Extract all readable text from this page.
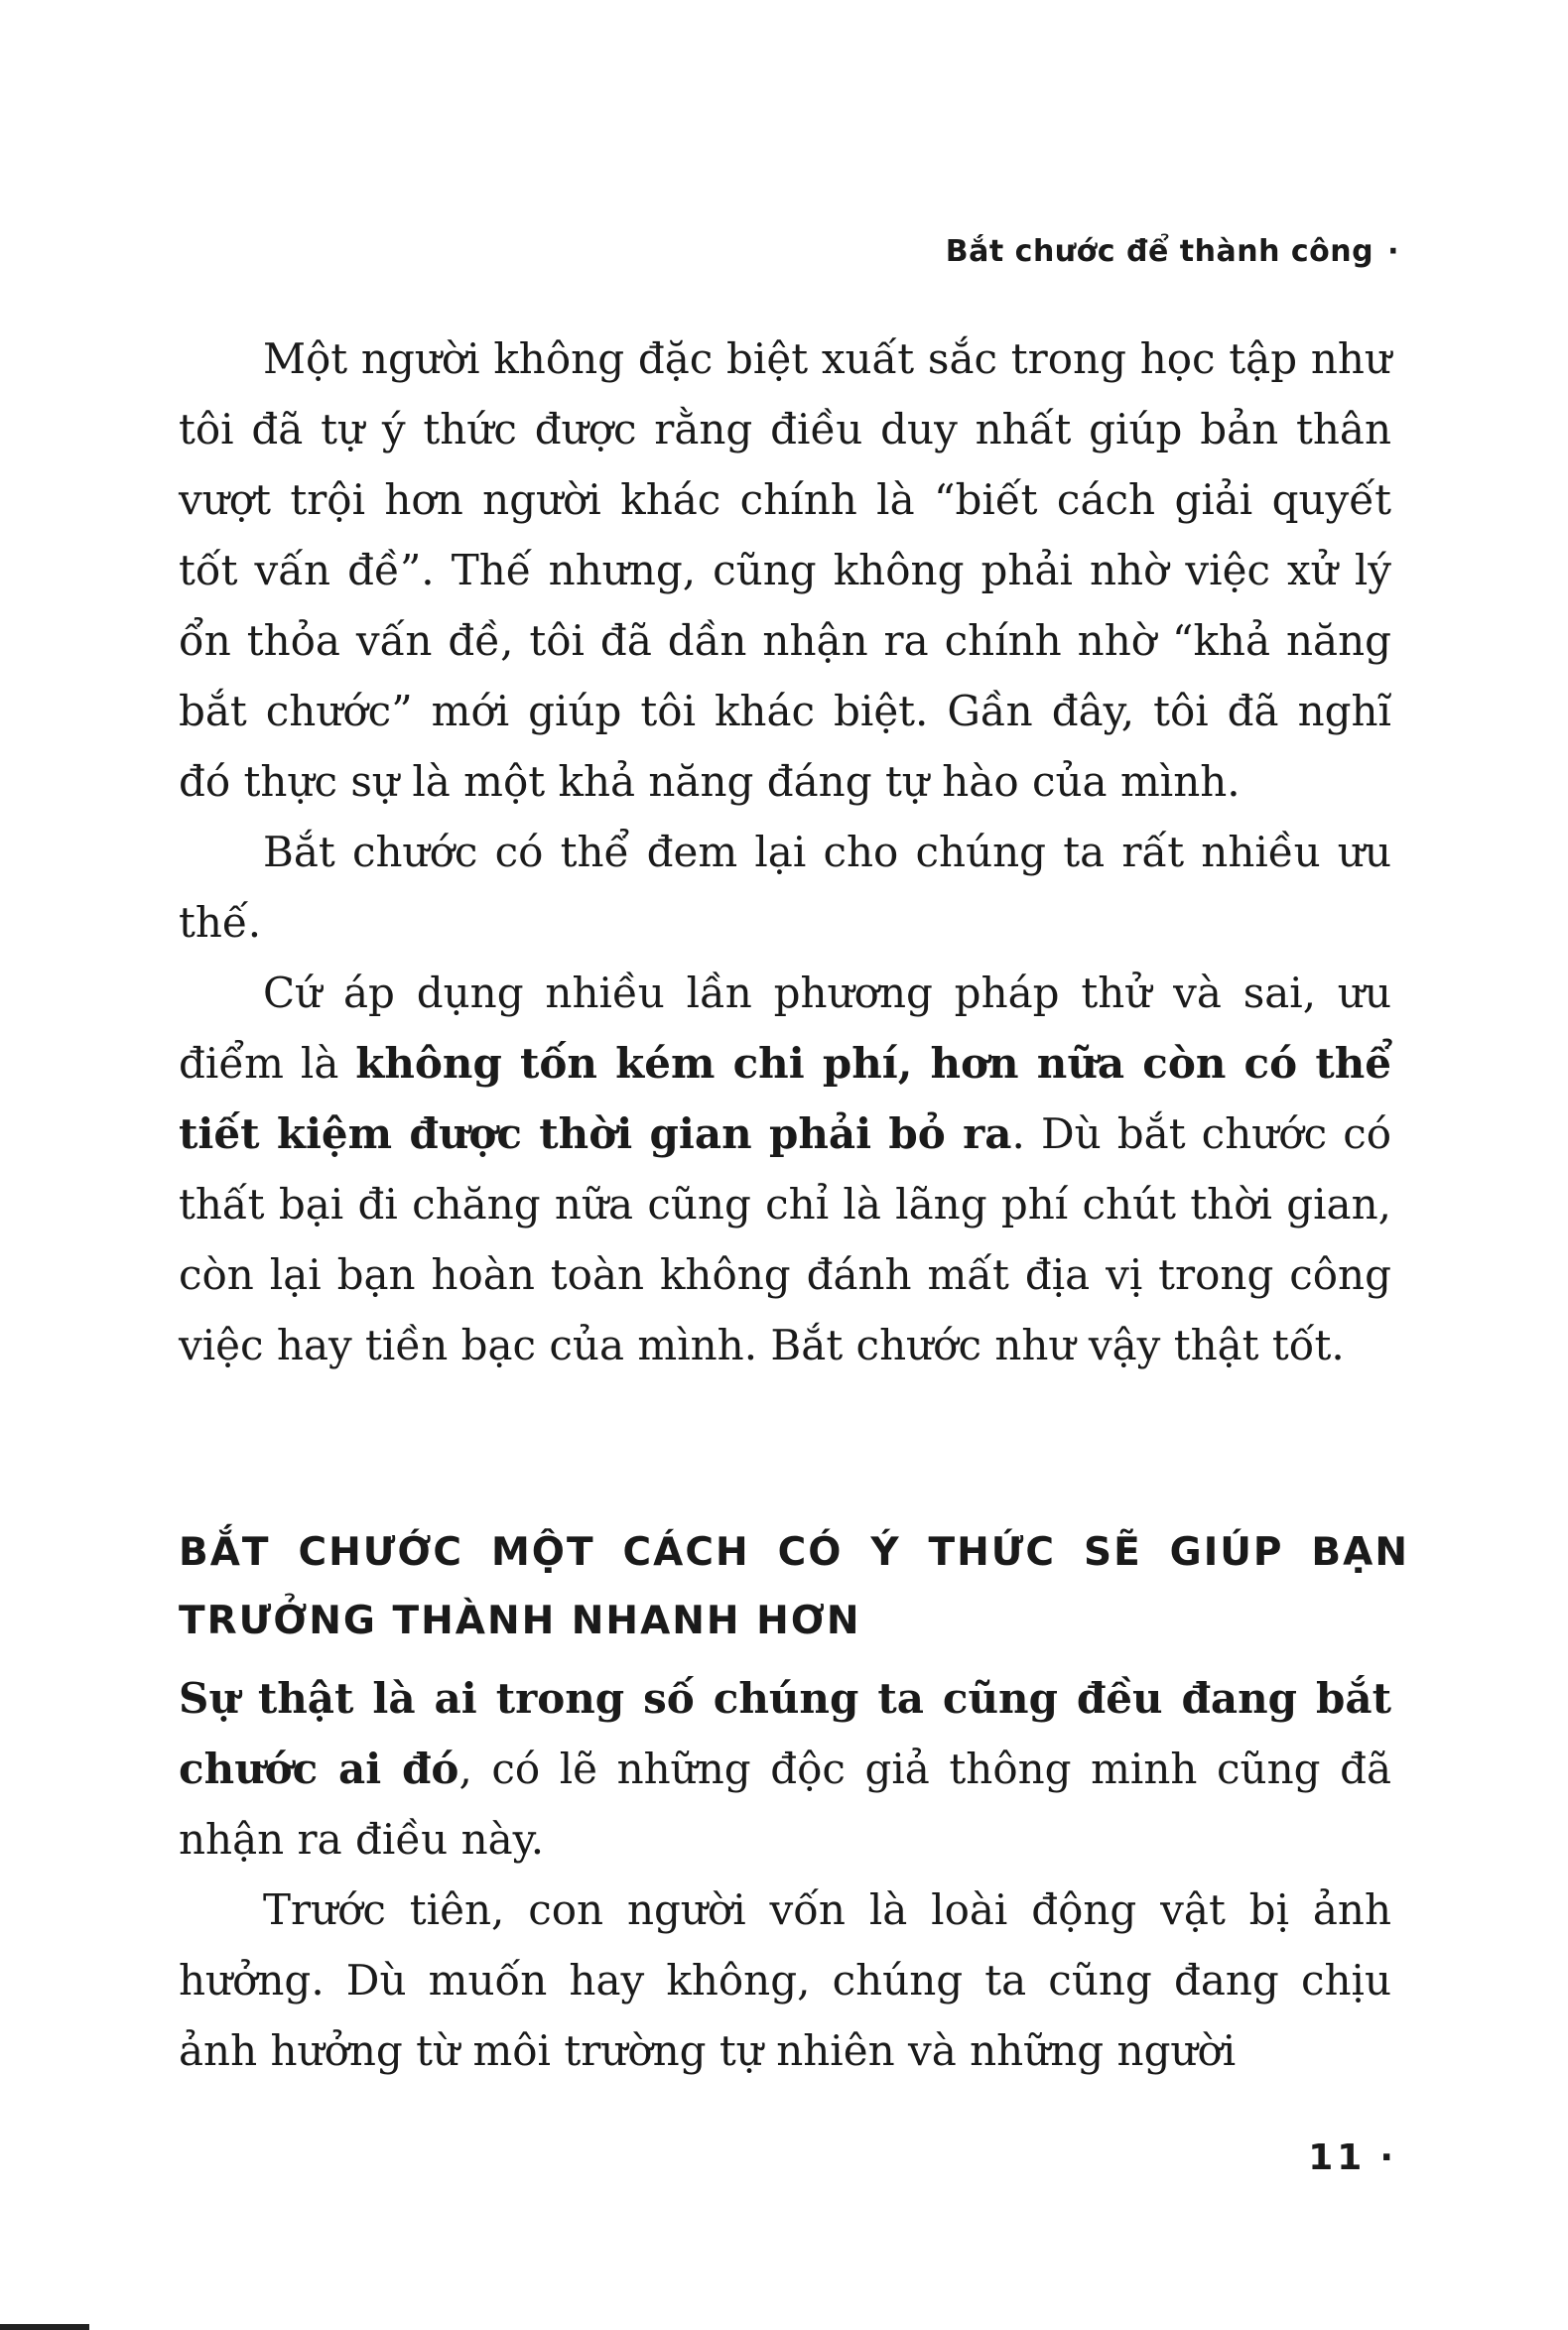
Bắt chước để thành công ·

Một người không đặc biệt xuất sắc trong học tập như tôi đã tự ý thức được rằng điều duy nhất giúp bản thân vượt trội hơn người khác chính là “biết cách giải quyết tốt vấn đề”. Thế nhưng, cũng không phải nhờ việc xử lý ổn thỏa vấn đề, tôi đã dần nhận ra chính nhờ “khả năng bắt chước” mới giúp tôi khác biệt. Gần đây, tôi đã nghĩ đó thực sự là một khả năng đáng tự hào của mình.

Bắt chước có thể đem lại cho chúng ta rất nhiều ưu thế.

Cứ áp dụng nhiều lần phương pháp thử và sai, ưu điểm là không tốn kém chi phí, hơn nữa còn có thể tiết kiệm được thời gian phải bỏ ra. Dù bắt chước có thất bại đi chăng nữa cũng chỉ là lãng phí chút thời gian, còn lại bạn hoàn toàn không đánh mất địa vị trong công việc hay tiền bạc của mình. Bắt chước như vậy thật tốt.

BẮT CHƯỚC MỘT CÁCH CÓ Ý THỨC SẼ GIÚP BẠN TRƯỞNG THÀNH NHANH HƠN

Sự thật là ai trong số chúng ta cũng đều đang bắt chước ai đó, có lẽ những độc giả thông minh cũng đã nhận ra điều này.

Trước tiên, con người vốn là loài động vật bị ảnh hưởng. Dù muốn hay không, chúng ta cũng đang chịu ảnh hưởng từ môi trường tự nhiên và những người

11 ·
